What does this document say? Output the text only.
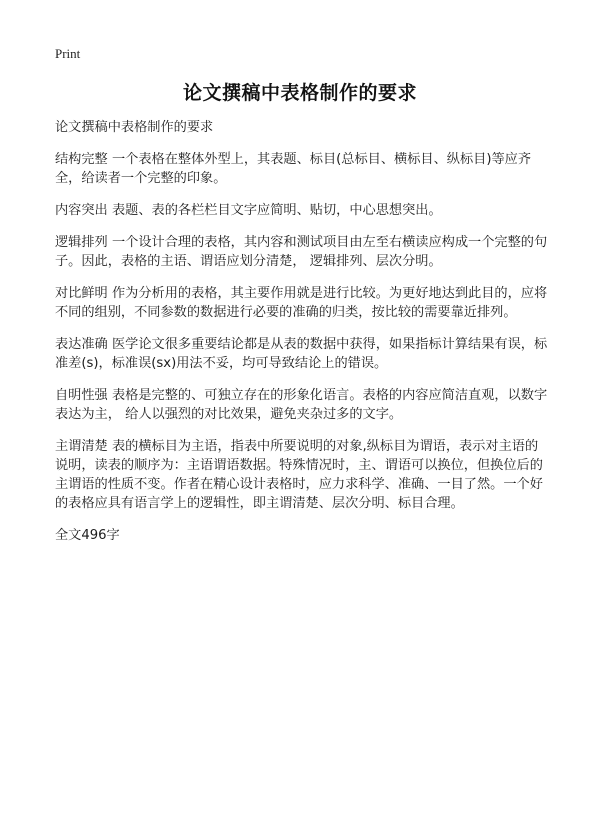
Print
论文撰稿中表格制作的要求

论文撰稿中表格制作的要求

结构完整 一个表格在整体外型上，其表题、标目(总标目、横标目、纵标目)等应齐全，给读者一个完整的印象。

内容突出 表题、表的各栏栏目文字应简明、贴切，中心思想突出。

逻辑排列 一个设计合理的表格，其内容和测试项目由左至右横读应构成一个完整的句子。因此，表格的主语、谓语应划分清楚， 逻辑排列、层次分明。

对比鲜明 作为分析用的表格，其主要作用就是进行比较。为更好地达到此目的，应将不同的组别，不同参数的数据进行必要的准确的归类，按比较的需要靠近排列。

表达准确 医学论文很多重要结论都是从表的数据中获得，如果指标计算结果有误，标准差(s)，标准误(sx)用法不妥，均可导致结论上的错误。

自明性强 表格是完整的、可独立存在的形象化语言。表格的内容应简洁直观，以数字表达为主， 给人以强烈的对比效果，避免夹杂过多的文字。

主谓清楚 表的横标目为主语，指表中所要说明的对象,纵标目为谓语，表示对主语的说明，读表的顺序为：主语谓语数据。特殊情况时，主、谓语可以换位，但换位后的主谓语的性质不变。作者在精心设计表格时，应力求科学、准确、一目了然。一个好的表格应具有语言学上的逻辑性，即主谓清楚、层次分明、标目合理。

全文496字
